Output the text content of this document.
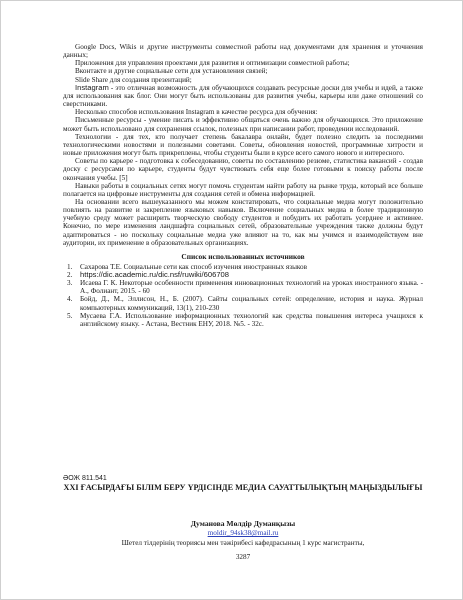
Google Docs, Wikis и другие инструменты совместной работы над документами для хранения и уточнения данных;

Приложения для управления проектами для развития и оптимизации совместной работы;

Вконтакте и другие социальные сети для установления связей;

Slide Share для создания презентаций;

Instagram - это отличная возможность для обучающихся создавать ресурсные доски для учебы и идей, а также для использования как блог. Они могут быть использованы для развития учебы, карьеры или даже отношений со сверстниками.

Несколько способов использования Instagram в качестве ресурса для обучения:

Письменные ресурсы - умение писать и эффективно общаться очень важно для обучающихся. Это приложение может быть использовано для сохранения ссылок, полезных при написании работ, проведении исследований.

Технологии - для тех, кто получает степень бакалавра онлайн, будет полезно следить за последними технологическими новостями и полезными советами. Советы, обновления новостей, программные хитрости и новые приложения могут быть прикреплены, чтобы студенты были в курсе всего самого нового и интересного.

Советы по карьере - подготовка к собеседованию, советы по составлению резюме, статистика вакансий - создав доску с ресурсами по карьере, студенты будут чувствовать себя еще более готовыми к поиску работы после окончания учебы. [5]

Навыки работы в социальных сетях могут помочь студентам найти работу на рынке труда, который все больше полагается на цифровые инструменты для создания сетей и обмена информацией.

На основании всего вышеуказанного мы можем констатировать, что социальные медиа могут положительно повлиять на развитие и закрепление языковых навыков. Включение социальных медиа в более традиционную учебную среду может расширить творческую свободу студентов и побудить их работать усерднее и активнее. Конечно, по мере изменения ландшафта социальных сетей, образовательные учреждения также должны будут адаптироваться - но поскольку социальные медиа уже влияют на то, как мы учимся и взаимодействуем вне аудитории, их применение в образовательных организациях.

Список использованных источников
1.	Сахарова Т.Е. Социальные сети как способ изучения иностранных языков
2.	https://dic.academic.ru/dic.nsf/ruwiki/606708
3.	Исаева Г. К. Некоторые особенности применения инновационных технологий на уроках иностранного языка. - А., Фолиант, 2015. - 60
4.	Бойд, Д., М., Эллисон, Н., Б. (2007). Сайты социальных сетей: определение, история и наука. Журнал компьютерных коммуникаций, 13(1), 210-230
5.	Мусаева Г.А. Использование информационных технологий как средства повышения интереса учащихся к английскому языку. - Астана, Вестник ЕНУ, 2018. №5. - 32с.
ӘОЖ 811.541
XXI ҒАСЫРДАҒЫ БІЛІМ БЕРУ ҮРДІСІНДЕ МЕДИА САУАТТЫЛЫҚТЫҢ МАҢЫЗДЫЛЫҒЫ
Думанова Мөлдір Думанқызы
moldir_94sk38@mail.ru
Шетел тілдерінің теориясы мен тәжірибесі кафедрасының 1 курс магистранты,
3287
